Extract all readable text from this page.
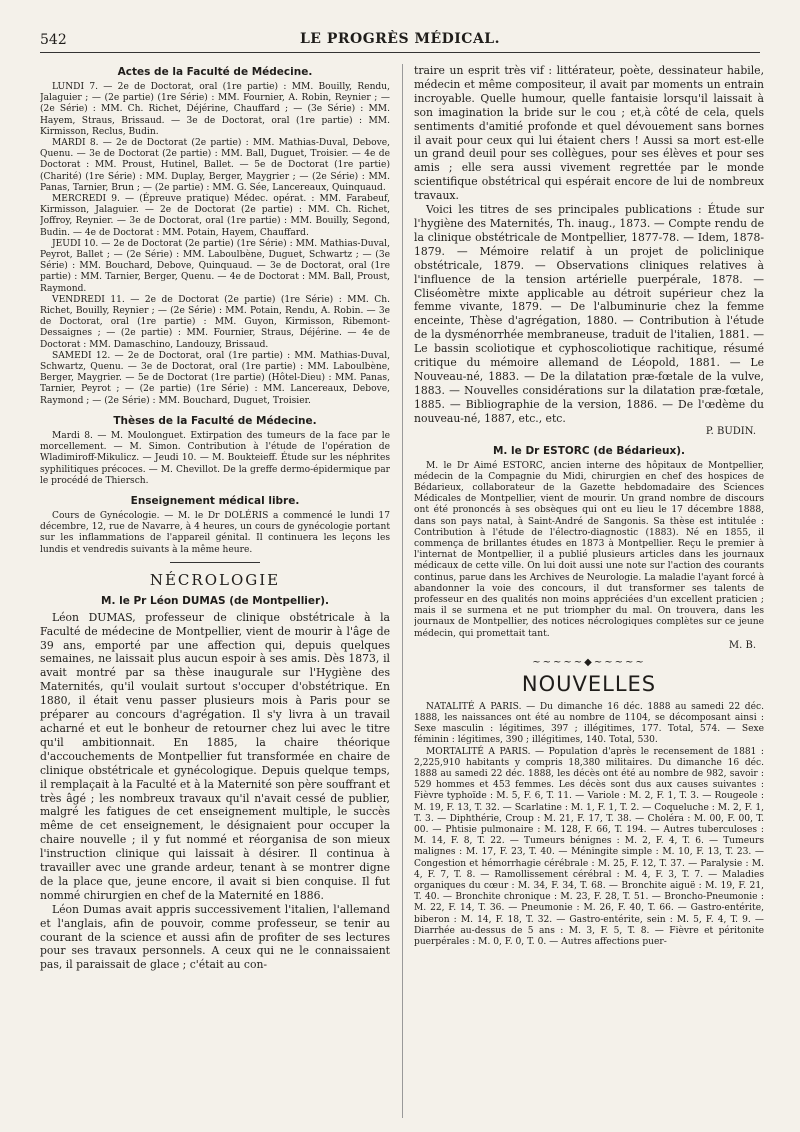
542	LE PROGRÈS MÉDICAL.
Actes de la Faculté de Médecine.

LUNDI 7. — 2e de Doctorat, oral (1re partie) : MM. Bouilly, Rendu, Jalaguier ; — (2e partie) (1re Série) : MM. Fournier, A. Robin, Reynier ; — (2e Série) : MM. Ch. Richet, Déjérine, Chauffard ; — (3e Série) : MM. Hayem, Straus, Brissaud. — 3e de Doctorat, oral (1re partie) : MM. Kirmisson, Reclus, Budin.

MARDI 8. — 2e de Doctorat (2e partie) : MM. Mathias-Duval, Debove, Quenu. — 3e de Doctorat (2e partie) : MM. Ball, Duguet, Troisier. — 4e de Doctorat : MM. Proust, Hutinel, Ballet. — 5e de Doctorat (1re partie) (Charité) (1re Série) : MM. Duplay, Berger, Maygrier ; — (2e Série) : MM. Panas, Tarnier, Brun ; — (2e partie) : MM. G. Sée, Lancereaux, Quinquaud.

MERCREDI 9. — (Épreuve pratique) Médec. opérat. : MM. Farabeuf, Kirmisson, Jalaguier. — 2e de Doctorat (2e partie) : MM. Ch. Richet, Joffroy, Reynier. — 3e de Doctorat, oral (1re partie) : MM. Bouilly, Segond, Budin. — 4e de Doctorat : MM. Potain, Hayem, Chauffard.

JEUDI 10. — 2e de Doctorat (2e partie) (1re Série) : MM. Mathias-Duval, Peyrot, Ballet ; — (2e Série) : MM. Laboulbène, Duguet, Schwartz ; — (3e Série) : MM. Bouchard, Debove, Quinquaud. — 3e de Doctorat, oral (1re partie) : MM. Tarnier, Berger, Quenu. — 4e de Doctorat : MM. Ball, Proust, Raymond.

VENDREDI 11. — 2e de Doctorat (2e partie) (1re Série) : MM. Ch. Richet, Bouilly, Reynier ; — (2e Série) : MM. Potain, Rendu, A. Robin. — 3e de Doctorat, oral (1re partie) : MM. Guyon, Kirmisson, Ribemont-Dessaignes ; — (2e partie) : MM. Fournier, Straus, Déjérine. — 4e de Doctorat : MM. Damaschino, Landouzy, Brissaud.

SAMEDI 12. — 2e de Doctorat, oral (1re partie) : MM. Mathias-Duval, Schwartz, Quenu. — 3e de Doctorat, oral (1re partie) : MM. Laboulbène, Berger, Maygrier. — 5e de Doctorat (1re partie) (Hôtel-Dieu) : MM. Panas, Tarnier, Peyrot ; — (2e partie) (1re Série) : MM. Lancereaux, Debove, Raymond ; — (2e Série) : MM. Bouchard, Duguet, Troisier.

Thèses de la Faculté de Médecine.

Mardi 8. — M. Moulonguet. Extirpation des tumeurs de la face par le morcellement. — M. Simon. Contribution à l'étude de l'opération de Wladimiroff-Mikulicz. — Jeudi 10. — M. Boukteieff. Étude sur les néphrites syphilitiques précoces. — M. Chevillot. De la greffe dermo-épidermique par le procédé de Thiersch.

Enseignement médical libre.

Cours de Gynécologie. — M. le Dr DOLÉRIS a commencé le lundi 17 décembre, 12, rue de Navarre, à 4 heures, un cours de gynécologie portant sur les inflammations de l'appareil génital. Il continuera les leçons les lundis et vendredis suivants à la même heure.

NÉCROLOGIE
M. le Pr Léon DUMAS (de Montpellier).

Léon DUMAS, professeur de clinique obstétricale à la Faculté de médecine de Montpellier, vient de mourir à l'âge de 39 ans, emporté par une affection qui, depuis quelques semaines, ne laissait plus aucun espoir à ses amis. Dès 1873, il avait montré par sa thèse inaugurale sur l'Hygiène des Maternités, qu'il voulait surtout s'occuper d'obstétrique. En 1880, il était venu passer plusieurs mois à Paris pour se préparer au concours d'agrégation. Il s'y livra à un travail acharné et eut le bonheur de retourner chez lui avec le titre qu'il ambitionnait. En 1885, la chaire théorique d'accouchements de Montpellier fut transformée en chaire de clinique obstétricale et gynécologique. Depuis quelque temps, il remplaçait à la Faculté et à la Maternité son père souffrant et très âgé ; les nombreux travaux qu'il n'avait cessé de publier, malgré les fatigues de cet enseignement multiple, le succès même de cet enseignement, le désignaient pour occuper la chaire nouvelle ; il y fut nommé et réorganisa de son mieux l'instruction clinique qui laissait à désirer. Il continua à travailler avec une grande ardeur, tenant à se montrer digne de la place que, jeune encore, il avait si bien conquise. Il fut nommé chirurgien en chef de la Maternité en 1886.

Léon Dumas avait appris successivement l'italien, l'allemand et l'anglais, afin de pouvoir, comme professeur, se tenir au courant de la science et aussi afin de profiter de ses lectures pour ses travaux personnels. A ceux qui ne le connaissaient pas, il paraissait de glace ; c'était au con-

traire un esprit très vif : littérateur, poète, dessinateur habile, médecin et même compositeur, il avait par moments un entrain incroyable. Quelle humour, quelle fantaisie lorsqu'il laissait à son imagination la bride sur le cou ; et,à côté de cela, quels sentiments d'amitié profonde et quel dévouement sans bornes il avait pour ceux qui lui étaient chers ! Aussi sa mort est-elle un grand deuil pour ses collègues, pour ses élèves et pour ses amis ; elle sera aussi vivement regrettée par le monde scientifique obstétrical qui espérait encore de lui de nombreux travaux.

Voici les titres de ses principales publications : Étude sur l'hygiène des Maternités, Th. inaug., 1873. — Compte rendu de la clinique obstétricale de Montpellier, 1877-78. — Idem, 1878-1879. — Mémoire relatif à un projet de policlinique obstétricale, 1879. — Observations cliniques relatives à l'influence de la tension artérielle puerpérale, 1878. — Cliséomètre mixte applicable au détroit supérieur chez la femme vivante, 1879. — De l'albuminurie chez la femme enceinte, Thèse d'agrégation, 1880. — Contribution à l'étude de la dysménorrhée membraneuse, traduit de l'italien, 1881. — Le bassin scoliotique et cyphoscoliotique rachitique, résumé critique du mémoire allemand de Léopold, 1881. — Le Nouveau-né, 1883. — De la dilatation præ-fœtale de la vulve, 1883. — Nouvelles considérations sur la dilatation præ-fœtale, 1885. — Bibliographie de la version, 1886. — De l'œdème du nouveau-né, 1887, etc., etc.

P. BUDIN.
M. le Dr ESTORC (de Bédarieux).

M. le Dr Aimé ESTORC, ancien interne des hôpitaux de Montpellier, médecin de la Compagnie du Midi, chirurgien en chef des hospices de Bédarieux, collaborateur de la Gazette hebdomadaire des Sciences Médicales de Montpellier, vient de mourir. Un grand nombre de discours ont été prononcés à ses obsèques qui ont eu lieu le 17 décembre 1888, dans son pays natal, à Saint-André de Sangonis. Sa thèse est intitulée : Contribution à l'étude de l'électro-diagnostic (1883). Né en 1855, il commença de brillantes études en 1873 à Montpellier. Reçu le premier à l'internat de Montpellier, il a publié plusieurs articles dans les journaux médicaux de cette ville. On lui doit aussi une note sur l'action des courants continus, parue dans les Archives de Neurologie. La maladie l'ayant forcé à abandonner la voie des concours, il dut transformer ses talents de professeur en des qualités non moins appréciées d'un excellent praticien ; mais il se surmena et ne put triompher du mal. On trouvera, dans les journaux de Montpellier, des notices nécrologiques complètes sur ce jeune médecin, qui promettait tant.

M. B.
~~~~~◆~~~~~
NOUVELLES

NATALITÉ A PARIS. — Du dimanche 16 déc. 1888 au samedi 22 déc. 1888, les naissances ont été au nombre de 1104, se décomposant ainsi : Sexe masculin : légitimes, 397 ; illégitimes, 177. Total, 574. — Sexe féminin : légitimes, 390 ; illégitimes, 140. Total, 530.

MORTALITÉ A PARIS. — Population d'après le recensement de 1881 : 2,225,910 habitants y compris 18,380 militaires. Du dimanche 16 déc. 1888 au samedi 22 déc. 1888, les décès ont été au nombre de 982, savoir : 529 hommes et 453 femmes. Les décès sont dus aux causes suivantes : Fièvre typhoïde : M. 5, F. 6, T. 11. — Variole : M. 2, F. 1, T. 3. — Rougeole : M. 19, F. 13, T. 32. — Scarlatine : M. 1, F. 1, T. 2. — Coqueluche : M. 2, F. 1, T. 3. — Diphthérie, Croup : M. 21, F. 17, T. 38. — Choléra : M. 00, F. 00, T. 00. — Phtisie pulmonaire : M. 128, F. 66, T. 194. — Autres tuberculoses : M. 14, F. 8, T. 22. — Tumeurs bénignes : M. 2, F. 4, T. 6. — Tumeurs malignes : M. 17, F. 23, T. 40. — Méningite simple : M. 10, F. 13, T. 23. — Congestion et hémorrhagie cérébrale : M. 25, F. 12, T. 37. — Paralysie : M. 4, F. 7, T. 8. — Ramollissement cérébral : M. 4, F. 3, T. 7. — Maladies organiques du cœur : M. 34, F. 34, T. 68. — Bronchite aiguë : M. 19, F. 21, T. 40. — Bronchite chronique : M. 23, F. 28, T. 51. — Broncho-Pneumonie : M. 22, F. 14, T. 36. — Pneumonie : M. 26, F. 40, T. 66. — Gastro-entérite, biberon : M. 14, F. 18, T. 32. — Gastro-entérite, sein : M. 5, F. 4, T. 9. — Diarrhée au-dessus de 5 ans : M. 3, F. 5, T. 8. — Fièvre et péritonite puerpérales : M. 0, F. 0, T. 0. — Autres affections puer-
